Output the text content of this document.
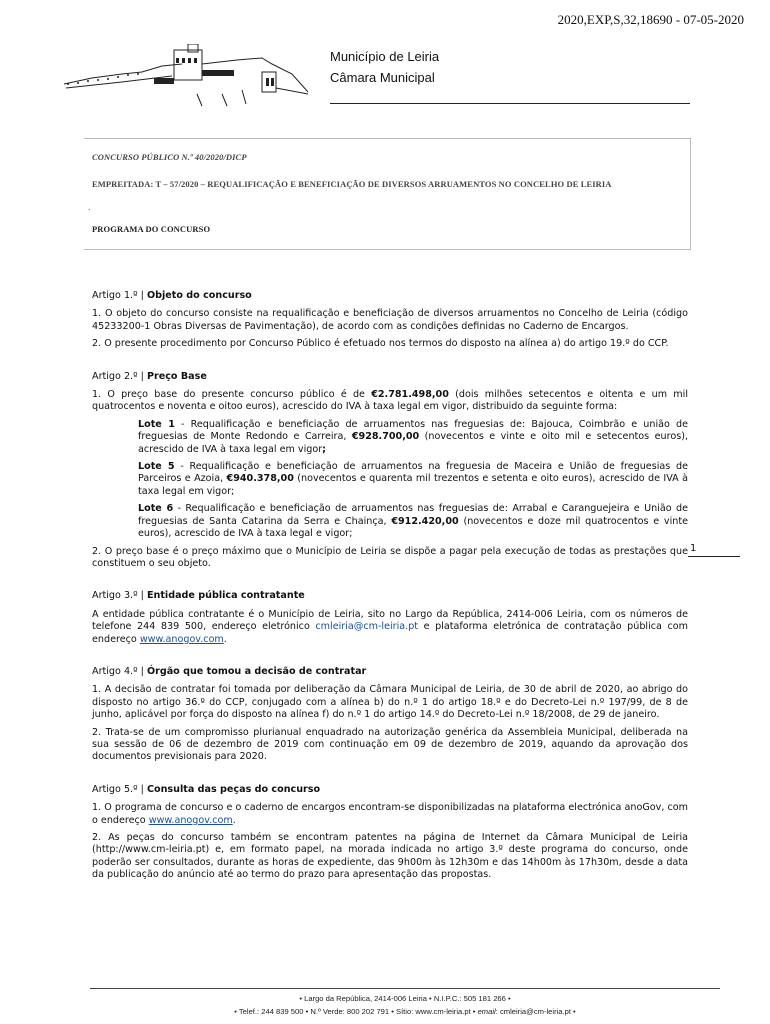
2020,EXP,S,32,18690 - 07-05-2020
Município de Leiria
Câmara Municipal
CONCURSO PÚBLICO N.º 40/2020/DICP
EMPREITADA: T – 57/2020 – REQUALIFICAÇÃO E BENEFICIAÇÃO DE DIVERSOS ARRUAMENTOS NO CONCELHO DE LEIRIA
.
PROGRAMA DO CONCURSO
Artigo 1.º | Objeto do concurso
1. O objeto do concurso consiste na requalificação e beneficiação de diversos arruamentos no Concelho de Leiria (código 45233200-1 Obras Diversas de Pavimentação), de acordo com as condições definidas no Caderno de Encargos.
2. O presente procedimento por Concurso Público é efetuado nos termos do disposto na alínea a) do artigo 19.º do CCP.
Artigo 2.º | Preço Base
1. O preço base do presente concurso público é de €2.781.498,00 (dois milhões setecentos e oitenta e um mil quatrocentos e noventa e oitoo euros), acrescido do IVA à taxa legal em vigor, distribuido da seguinte forma:
Lote 1 - Requalificação e beneficiação de arruamentos nas freguesias de: Bajouca, Coimbrão e união de freguesias de Monte Redondo e Carreira, €928.700,00 (novecentos e vinte e oito mil e setecentos euros), acrescido de IVA à taxa legal em vigor;
Lote 5 - Requalificação e beneficiação de arruamentos na freguesia de Maceira e União de freguesias de Parceiros e Azoia, €940.378,00 (novecentos e quarenta mil trezentos e setenta e oito euros), acrescido de IVA à taxa legal em vigor;
Lote 6 - Requalificação e beneficiação de arruamentos nas freguesias de: Arrabal e Caranguejeira e União de freguesias de Santa Catarina da Serra e Chainça, €912.420,00 (novecentos e doze mil quatrocentos e vinte euros), acrescido de IVA à taxa legal e vigor;
2. O preço base é o preço máximo que o Município de Leiria se dispõe a pagar pela execução de todas as prestações que constituem o seu objeto.
Artigo 3.º | Entidade pública contratante
A entidade pública contratante é o Município de Leiria, sito no Largo da República, 2414-006 Leiria, com os números de telefone 244 839 500, endereço eletrónico cmleiria@cm-leiria.pt e plataforma eletrónica de contratação pública com endereço www.anogov.com.
Artigo 4.º | Órgão que tomou a decisão de contratar
1. A decisão de contratar foi tomada por deliberação da Câmara Municipal de Leiria, de 30 de abril de 2020, ao abrigo do disposto no artigo 36.º do CCP, conjugado com a alínea b) do n.º 1 do artigo 18.º e do Decreto-Lei n.º 197/99, de 8 de junho, aplicável por força do disposto na alínea f) do n.º 1 do artigo 14.º do Decreto-Lei n.º 18/2008, de 29 de janeiro.
2. Trata-se de um compromisso plurianual enquadrado na autorização genérica da Assembleia Municipal, deliberada na sua sessão de 06 de dezembro de 2019 com continuação em 09 de dezembro de 2019, aquando da aprovação dos documentos previsionais para 2020.
Artigo 5.º | Consulta das peças do concurso
1. O programa de concurso e o caderno de encargos encontram-se disponibilizadas na plataforma electrónica anoGov, com o endereço www.anogov.com.
2. As peças do concurso também se encontram patentes na página de Internet da Câmara Municipal de Leiria (http://www.cm-leiria.pt) e, em formato papel, na morada indicada no artigo 3.º deste programa do concurso, onde poderão ser consultados, durante as horas de expediente, das 9h00m às 12h30m e das 14h00m às 17h30m, desde a data da publicação do anúncio até ao termo do prazo para apresentação das propostas.
1
• Largo da República, 2414-006 Leiria • N.I.P.C.: 505 181 266 •
• Telef.: 244 839 500 • N.º Verde: 800 202 791 • Sítio: www.cm-leiria.pt • email: cmleiria@cm-leiria.pt •
